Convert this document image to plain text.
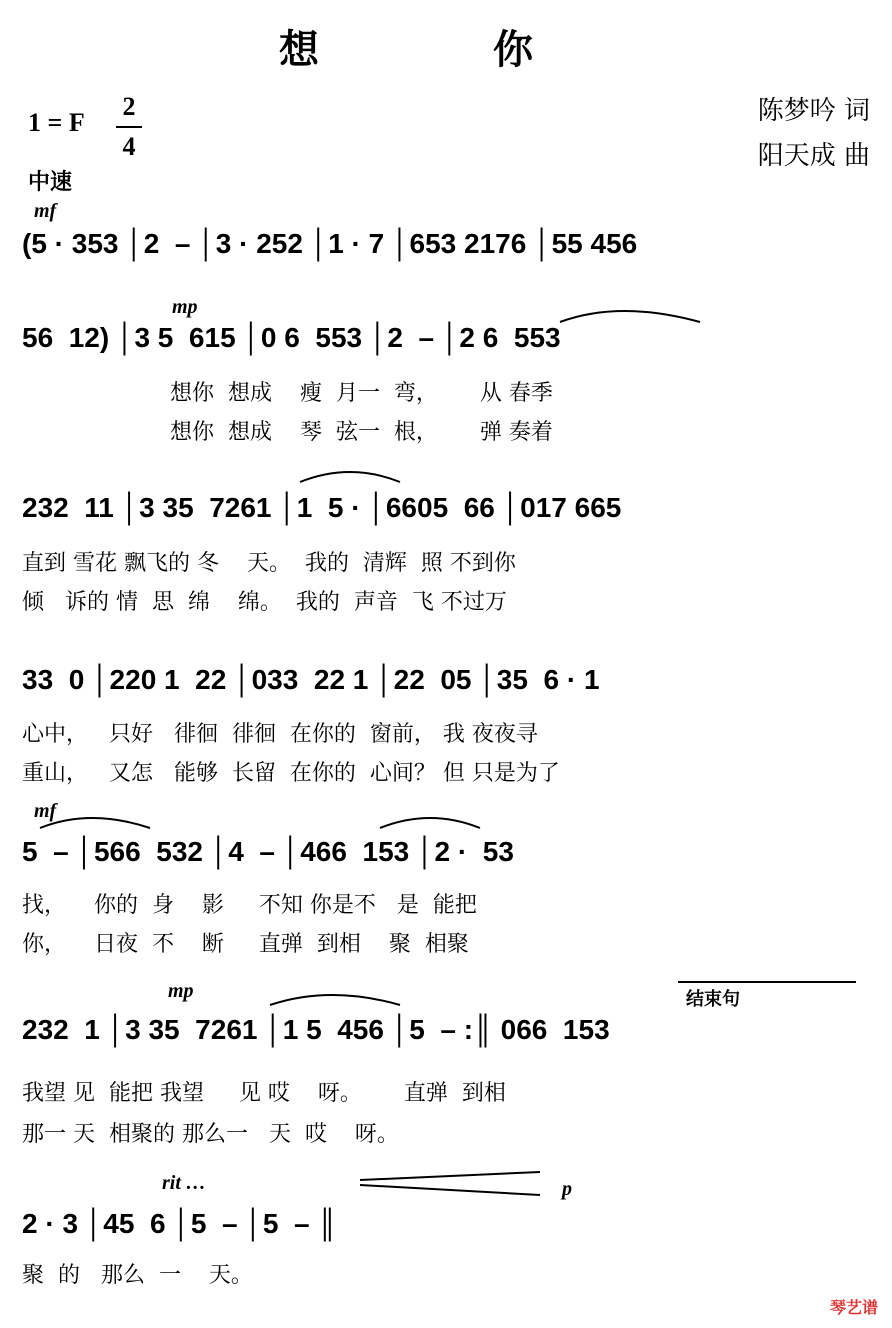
想 你
1 = F
2
4
陈梦吟 词
阳天成 曲
中速
mf
mp
mf
mp
rit …	p
结束句
(5 · 353 │2  – │3 · 252 │1 · 7 │653 2176 │55 456
56  12) │3 5  615 │0 6  553 │2  – │2 6  553
想你  想成    瘦  月一  弯，      从 春季
想你  想成    琴  弦一  根，      弹 奏着
232  11 │3 35  7261 │1  5 · │6605  66 │017 665
直到 雪花 飘飞的 冬    天。  我的  清辉  照 不到你
倾   诉的 情  思  绵    绵。  我的  声音  飞 不过万
33  0 │220 1  22 │033  22 1 │22  05 │35  6 · 1
心中，   只好   徘徊  徘徊  在你的  窗前， 我 夜夜寻
重山，   又怎   能够  长留  在你的  心间？ 但 只是为了
5  – │566  532 │4  – │466  153 │2 ·  53
找，    你的  身    影     不知 你是不   是  能把
你，    日夜  不    断     直弹  到相    聚  相聚
232  1 │3 35  7261 │1 5  456 │5  – :║ 066  153
我望 见  能把 我望     见 哎    呀。      直弹  到相
那一 天  相聚的 那么一   天  哎    呀。
2 · 3 │45  6 │5  – │5  – ║
聚  的   那么  一    天。
琴艺谱
